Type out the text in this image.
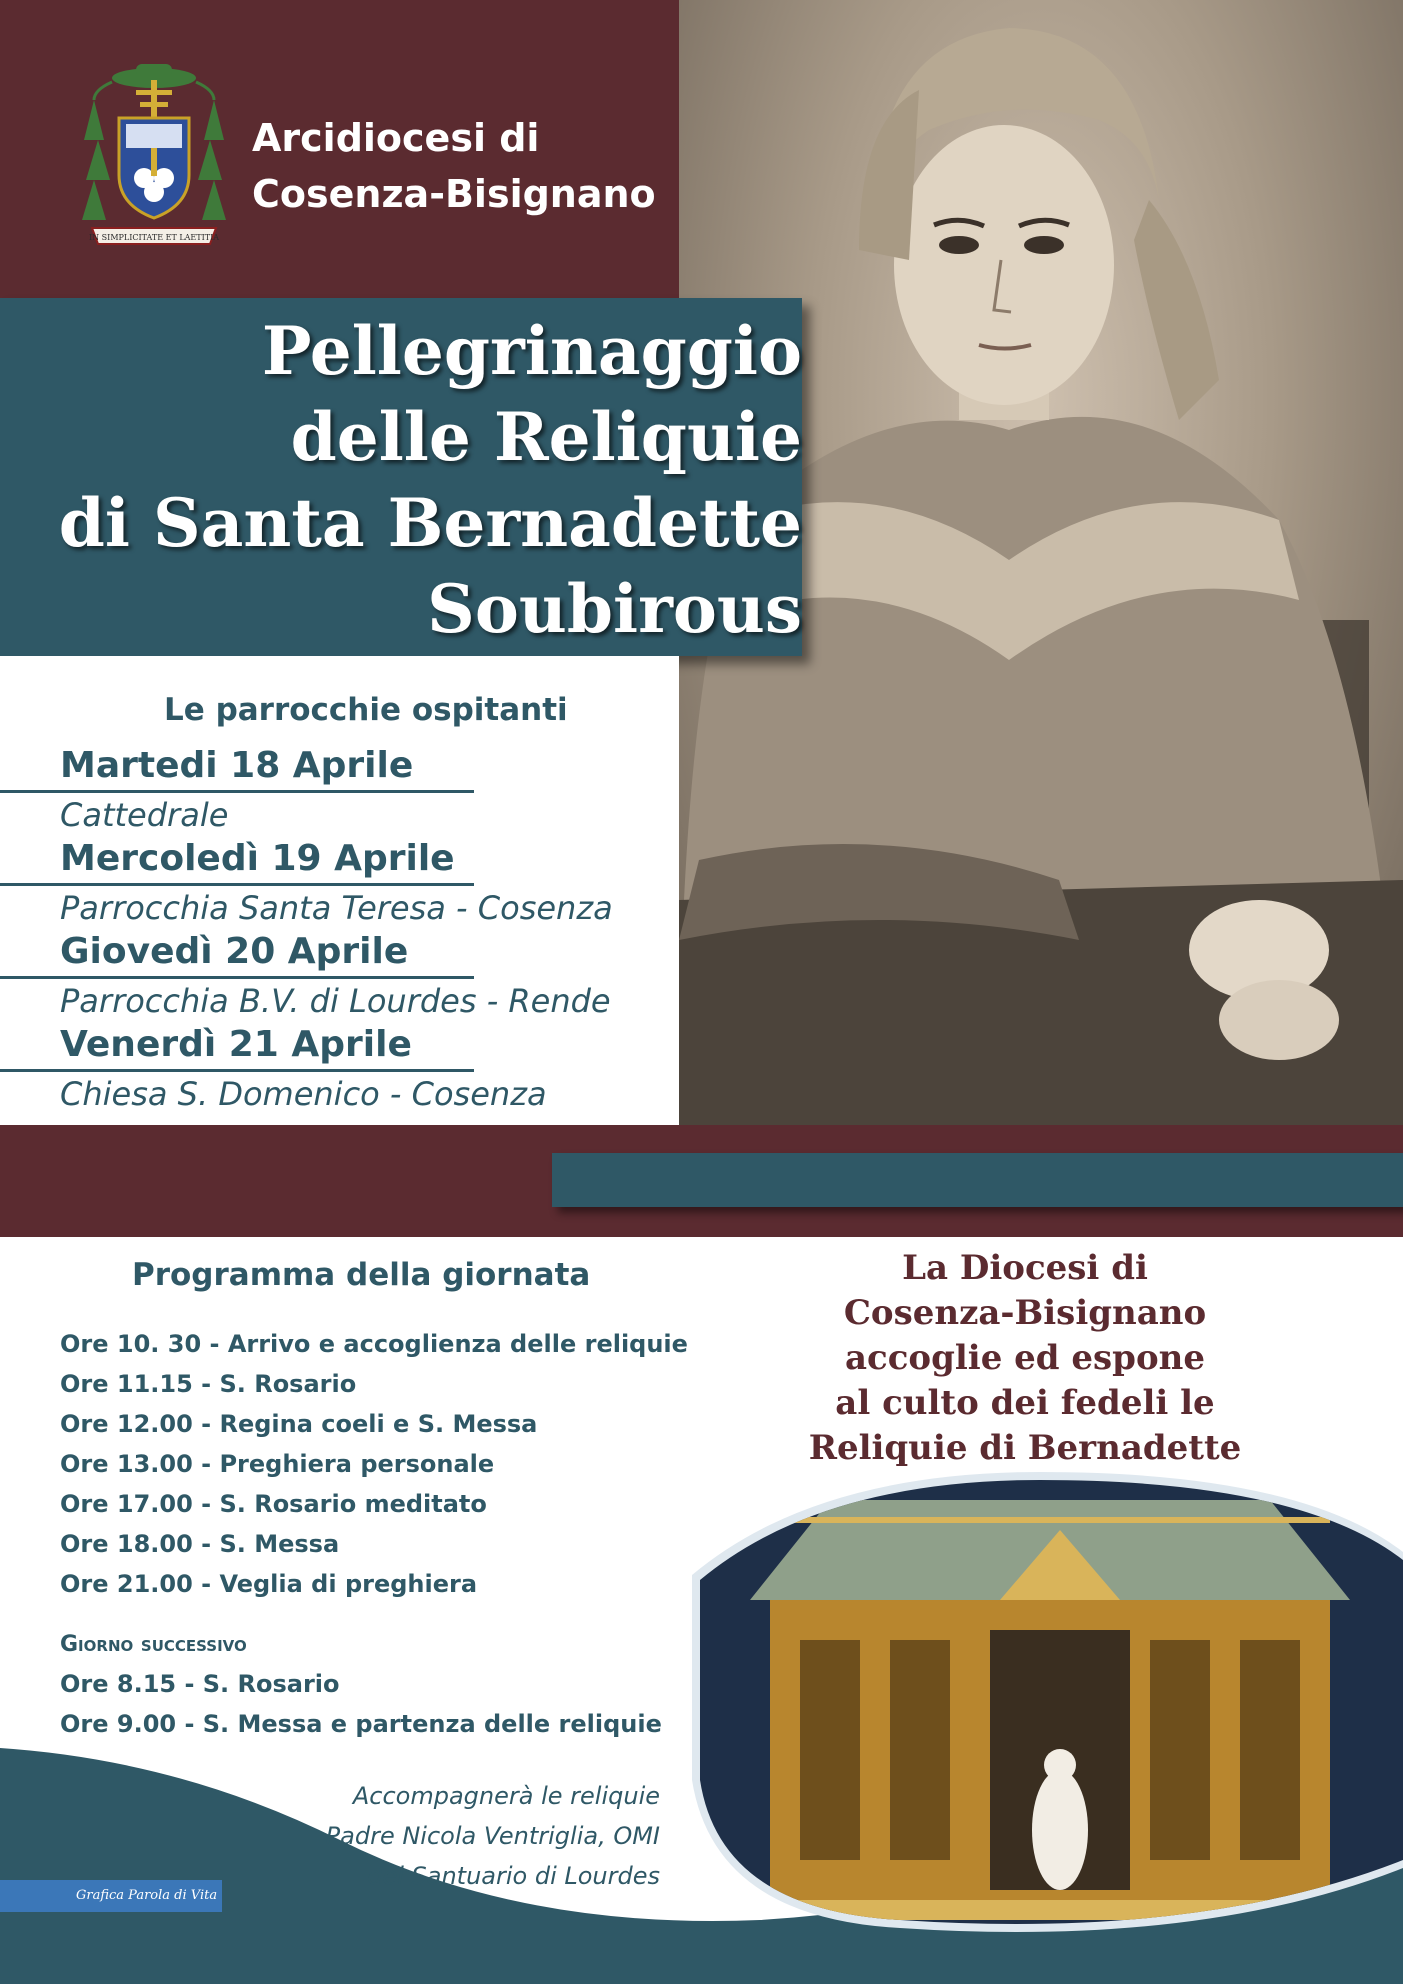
Pellegrinaggio
delle Reliquie
di Santa Bernadette
Soubirous
IN SIMPLICITATE ET LAETITIA
Arcidiocesi di
Cosenza-Bisignano
Le parrocchie ospitanti
Martedi 18 Aprile
Cattedrale
Mercoledì 19 Aprile
Parrocchia Santa Teresa - Cosenza
Giovedì 20 Aprile
Parrocchia B.V. di Lourdes - Rende
Venerdì 21 Aprile
Chiesa S. Domenico - Cosenza
Programma della giornata
Ore 10. 30 - Arrivo e accoglienza delle reliquie
Ore 11.15 - S. Rosario
Ore 12.00 - Regina coeli e S. Messa
Ore 13.00 - Preghiera personale
Ore 17.00 - S. Rosario meditato
Ore 18.00 - S. Messa
Ore 21.00 - Veglia di preghiera
Giorno successivo
Ore 8.15 - S. Rosario
Ore 9.00 - S. Messa e partenza delle reliquie
La Diocesi di
Cosenza-Bisignano
accoglie ed espone
al culto dei fedeli le
Reliquie di Bernadette
Accompagnerà le reliquie
Padre Nicola Ventriglia, OMI
del Santuario di Lourdes
Grafica Parola di Vita
